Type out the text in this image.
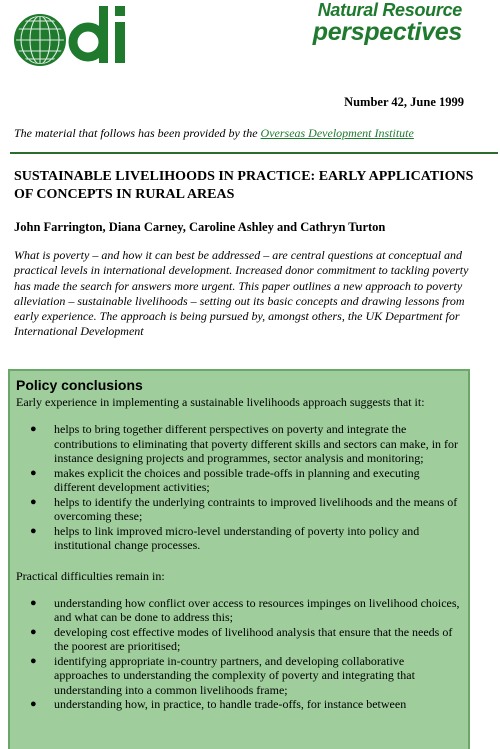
Natural Resource
perspectives
Number 42, June 1999
The material that follows has been provided by the Overseas Development Institute
SUSTAINABLE LIVELIHOODS IN PRACTICE: EARLY APPLICATIONS OF CONCEPTS IN RURAL AREAS
John Farrington, Diana Carney, Caroline Ashley and Cathryn Turton

What is poverty – and how it can best be addressed – are central questions at conceptual and practical levels in international development. Increased donor commitment to tackling poverty has made the search for answers more urgent. This paper outlines a new approach to poverty alleviation – sustainable livelihoods – setting out its basic concepts and drawing lessons from early experience. The approach is being pursued by, amongst others, the UK Department for International Development

Policy conclusions

Early experience in implementing a sustainable livelihoods approach suggests that it:

● helps to bring together different perspectives on poverty and integrate the contributions to eliminating that poverty different skills and sectors can make, in for instance designing projects and programmes, sector analysis and monitoring;
● makes explicit the choices and possible trade-offs in planning and executing different development activities;
● helps to identify the underlying contraints to improved livelihoods and the means of overcoming these;
● helps to link improved micro-level understanding of poverty into policy and institutional change processes.

Practical difficulties remain in:

● understanding how conflict over access to resources impinges on livelihood choices, and what can be done to address this;
● developing cost effective modes of livelihood analysis that ensure that the needs of the poorest are prioritised;
● identifying appropriate in-country partners, and developing collaborative approaches to understanding the complexity of poverty and integrating that understanding into a common livelihoods frame;
● understanding how, in practice, to handle trade-offs, for instance between
